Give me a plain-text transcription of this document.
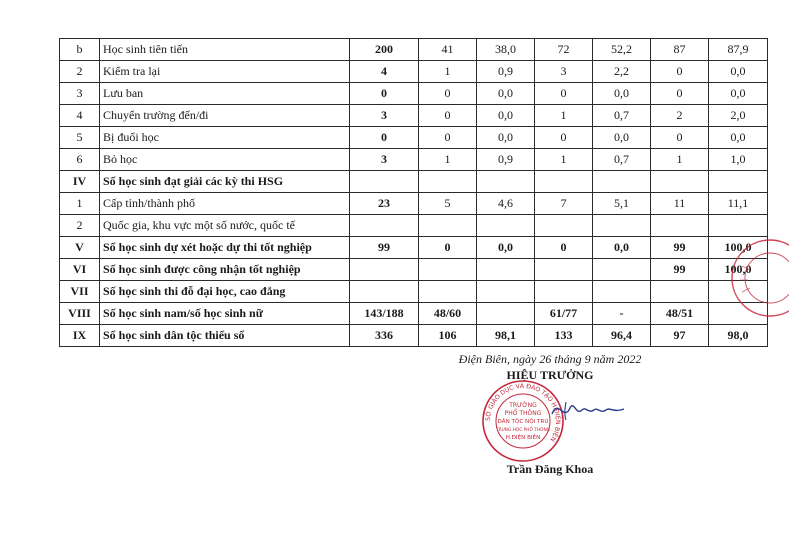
b	Học sinh tiên tiến	200	41	38,0	72	52,2	87	87,9
2	Kiểm tra lại	4	1	0,9	3	2,2	0	0,0
3	Lưu ban	0	0	0,0	0	0,0	0	0,0
4	Chuyển trường đến/đi	3	0	0,0	1	0,7	2	2,0
5	Bị đuổi học	0	0	0,0	0	0,0	0	0,0
6	Bỏ học	3	1	0,9	1	0,7	1	1,0
IV	Số học sinh đạt giải các kỳ thi HSG							
1	Cấp tỉnh/thành phố	23	5	4,6	7	5,1	11	11,1
2	Quốc gia, khu vực một số nước, quốc tế							
V	Số học sinh dự xét hoặc dự thi tốt nghiệp	99	0	0,0	0	0,0	99	100,0
VI	Số học sinh được công nhận tốt nghiệp						99	100,0
VII	Số học sinh thi đỗ đại học, cao đẳng							
VIII	Số học sinh nam/số học sinh nữ	143/188	48/60		61/77	-	48/51	
IX	Số học sinh dân tộc thiểu số	336	106	98,1	133	96,4	97	98,0
Điện Biên, ngày 26 tháng 9 năm 2022
HIỆU TRƯỞNG
Trần Đăng Khoa
SỞ GIÁO DỤC VÀ ĐÀO TẠO H.ĐIỆN BIÊN
TRƯỜNG
PHỔ THÔNG
DÂN TỘC NỘI TRÚ
TRUNG HỌC PHỔ THÔNG
H.ĐIỆN BIÊN
